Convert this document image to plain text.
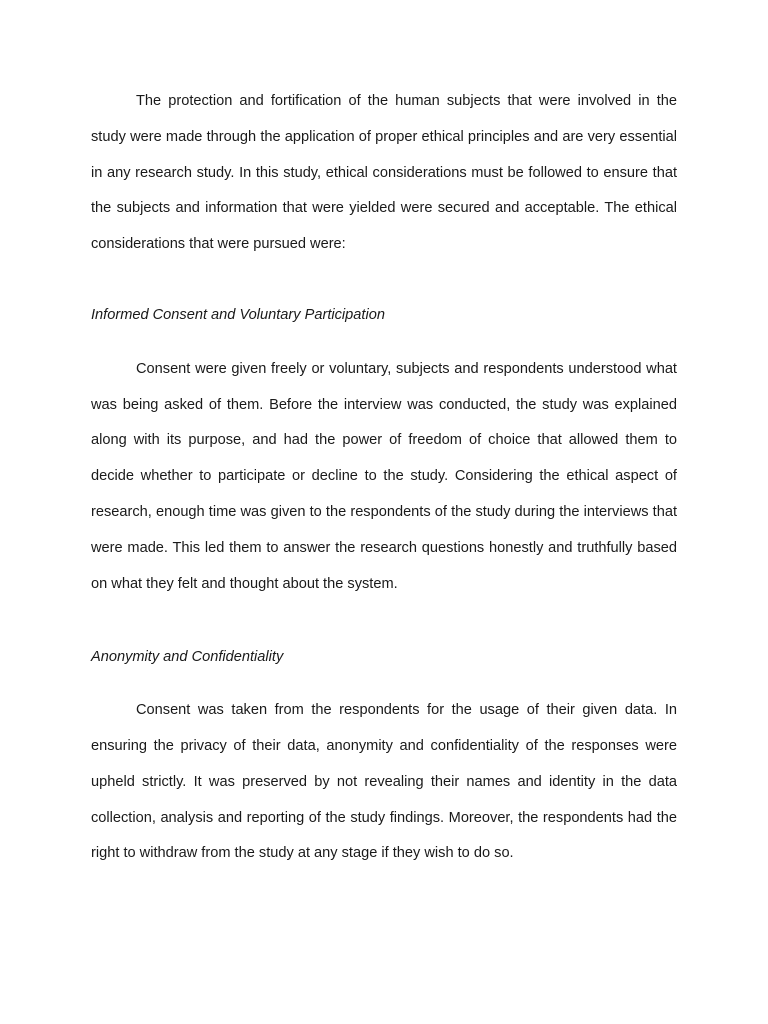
The protection and fortification of the human subjects that were involved in the study were made through the application of proper ethical principles and are very essential in any research study. In this study, ethical considerations must be followed to ensure that the subjects and information that were yielded were secured and acceptable. The ethical considerations that were pursued were:

Informed Consent and Voluntary Participation

Consent were given freely or voluntary, subjects and respondents understood what was being asked of them. Before the interview was conducted, the study was explained along with its purpose, and had the power of freedom of choice that allowed them to decide whether to participate or decline to the study. Considering the ethical aspect of research, enough time was given to the respondents of the study during the interviews that were made. This led them to answer the research questions honestly and truthfully based on what they felt and thought about the system.

Anonymity and Confidentiality

Consent was taken from the respondents for the usage of their given data. In ensuring the privacy of their data, anonymity and confidentiality of the responses were upheld strictly. It was preserved by not revealing their names and identity in the data collection, analysis and reporting of the study findings. Moreover, the respondents had the right to withdraw from the study at any stage if they wish to do so.
